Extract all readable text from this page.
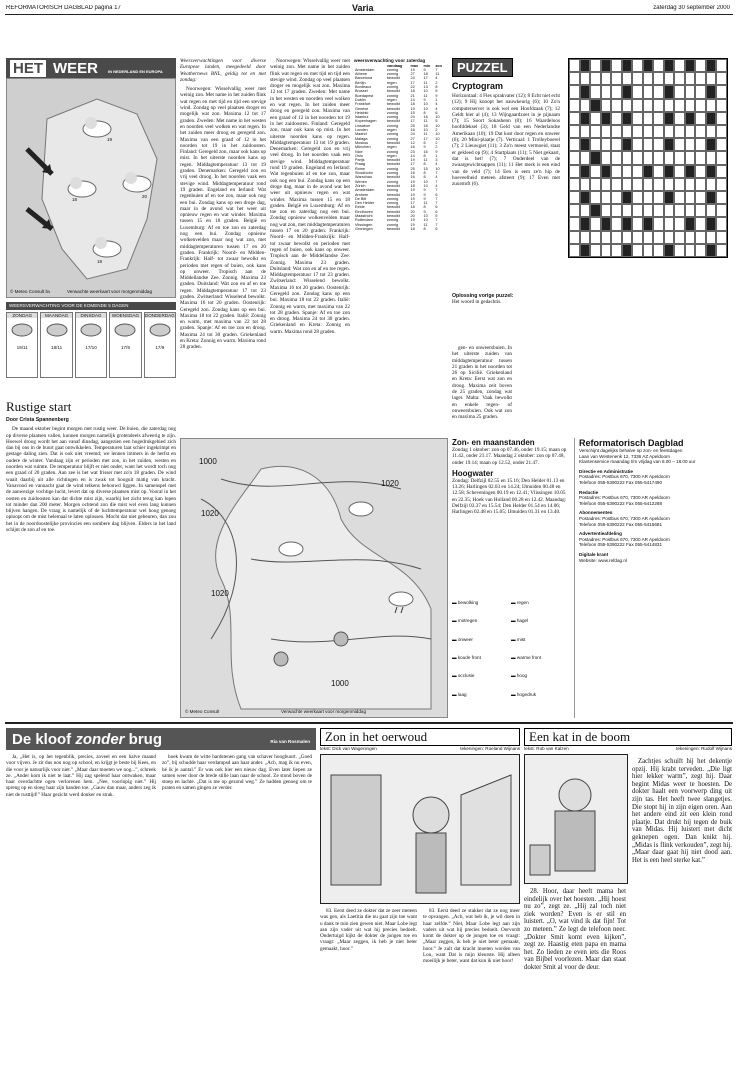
REFORMATORISCH DAGBLAD pagina 17	Varia	zaterdag 30 september 2000
HET WEER	IN NEDERLAND EN EUROPA
19
18
20
19
© Meteo Consult bv	Verwachte weerkaart voor morgenmiddag
WEERSVERWACHTING VOOR DE KOMENDE 5 DAGEN
ZONDAG
19/11
MAANDAG
18/11
DINSDAG
17/10
WOENSDAG
17/9
DONDERDAG
17/9
Rustige start
Door Crista Spannenberg

De maand oktober begint morgen met rustig weer. De buien, die zaterdag nog op diverse plaatsen vallen, kunnen morgen namelijk grotendeels afweerig te zijn. Hoewel droog wordt het aan vanaf dinsdag, aangezien een hogedrukgebied zich dan bij ons in de buurt gaat ontwikkelen. Temperaturen laat schier ingekrimpt en gestage daling zien. Dat is ook niet vreemd; we lennen immers in de herfst en oudere de winter. Vandaag zijn er perioden met zon, in het zuiden, westen en noorden wat ruimte. De temperatuur blijft er niet onder, want het wordt toch nog een graad of 20 graden. Aan zee is het wat frisser met zo'n 18 graden. De wind waait daarbij uit alle richtingen en is zwak tot hooguit matig van kracht. Vanavond en vannacht gaat de wind telkens behouwd liggen. In samenspel met de aanwezige vochtige lucht, levert dat op diverse plaatsen mist op. Vooral in het oosten en zuidoosten kan dat dichte mist zijn, waarbij het zicht terug kan lopen tot minder dan 200 meter. Morgen ochtend zon die mist wel even lang kunnen blijven hangen. De vraag is namelijk of de luchttemperatuur wel hoog genoeg oploopt om de mist helemaal te laten oplossen. Mocht dat niet gebeuren, dan zou het in de noordoostelijke provincies een sombere dag blijven. Elders in het land schijnt de zon af en toe.

Weersverwachtingen voor diverse Europese landen, meegedeeld door Weathernews BNL, geldig tot en met zondag:

Noorwegen: Wisselvallig weer met weinig zon. Met name in het zuiden flink wat regen en met tijd en tijd een stevige wind. Zondag op veel plaatsen droger en mogelijk wat zon. Maxima 12 tot 17 graden. Zweden: Met name in het westen en noorden veel wolken en wat regen. In het zuiden meer droog en geregeld zon. Maxima van een graad of 12 in het noorden tot 19 in het zuidoosten. Finland: Geregeld zon, maar ook kans op mist. In het uiterste noorden kans op regen. Middagtemperatuur 13 tot 19 graden. Denemarken: Geregeld zon en vrij veel droog. In het noorden vaak een stevige wind. Middagtemperatuur rond 19 graden. Engeland en Ierland: Wat regenbuien af en toe zon, maar ook nog een bui. Zondag kans op een droge dag, maar in de avond wat het weer uit opnieuw regen en wat winder. Maxima tussen 15 en 18 graden. België en Luxemburg: Af en toe zon en zaterdag nog een bui. Zondag opnieuw wolkenvelden maar nog wat zon, met middagtemperaturen tussen 17 en 20 graden. Frankrijk: Noord- en Midden-Frankrijk: Half- tot zwaar bewolkt en perioden met regen of buien, ook kans op onweer. Tropisch aan de Middellandse Zee. Zonnig. Maxima 23 graden. Duitsland: Wat zon en af en toe regen. Middagtemperatuur 17 tot 23 graden. Zwitserland: Wisselend bewolkt. Maxima 16 tot 20 graden. Oostenrijk: Geregeld zon. Zondag kans op een bui. Maxima 18 tot 22 graden. Italië: Zonnig en warm, met maxima van 22 tot 28 graden. Spanje: Af en toe zon en droog. Maxima 24 tot 30 graden. Griekenland en Kreta: Zonnig en warm. Maxima rond 28 graden.

Noorwegen: Wisselvallig weer met weinig zon. Met name in het zuiden flink wat regen en met tijd en tijd een stevige wind. Zondag op veel plaatsen droger en mogelijk wat zon. Maxima 12 tot 17 graden. Zweden: Met name in het westen en noorden veel wolken en wat regen. In het zuiden meer droog en geregeld zon. Maxima van een graad of 12 in het noorden tot 19 in het zuidoosten. Finland: Geregeld zon, maar ook kans op mist. In het uiterste noorden kans op regen. Middagtemperatuur 13 tot 19 graden. Denemarken: Geregeld zon en vrij veel droog. In het noorden vaak een stevige wind. Middagtemperatuur rond 19 graden. Engeland en Ierland: Wat regenbuien af en toe zon, maar ook nog een bui. Zondag kans op een droge dag, maar in de avond wat het weer uit opnieuw regen en wat winder. Maxima tussen 15 en 18 graden. België en Luxemburg: Af en toe zon en zaterdag nog een bui. Zondag opnieuw wolkenvelden maar nog wat zon, met middagtemperaturen tussen 17 en 20 graden. Frankrijk: Noord- en Midden-Frankrijk: Half- tot zwaar bewolkt en perioden met regen of buien, ook kans op onweer. Tropisch aan de Middellandse Zee. Zonnig. Maxima 23 graden. Duitsland: Wat zon en af en toe regen. Middagtemperatuur 17 tot 23 graden. Zwitserland: Wisselend bewolkt. Maxima 16 tot 20 graden. Oostenrijk: Geregeld zon. Zondag kans op een bui. Maxima 18 tot 22 graden. Italië: Zonnig en warm, met maxima van 22 tot 28 graden. Spanje: Af en toe zon en droog. Maxima 24 tot 30 graden. Griekenland en Kreta: Zonnig en warm. Maxima rond 28 graden.

weersverwachting voor zaterdag
	vandaag	max	min	zon
Amsterdam	zonnig	19	9	7
Athene	zonnig	27	18	11
Barcelona	bewolkt	24	17	4
Berlijn	regen	17	11	2
Bordeaux	zonnig	22	13	8
Brussel	bewolkt	18	10	5
Boedapest	zonnig	21	11	9
Dublin	regen	14	9	1
Frankfurt	bewolkt	18	10	4
Genève	bewolkt	19	10	4
Helsinki	zonnig	15	8	6
Istanbul	zonnig	24	16	10
Kopenhagen	bewolkt	17	11	5
Lissabon	zonnig	25	16	10
Londen	regen	16	10	2
Madrid	zonnig	24	11	10
Malaga	zonnig	27	17	10
Moskou	bewolkt	12	6	2
München	regen	16	9	2
Nice	zonnig	23	16	9
Oslo	regen	14	8	1
Parijs	bewolkt	19	11	3
Praag	bewolkt	17	8	4
Rome	zonnig	25	15	10
Stockholm	zonnig	16	8	7
Warschau	bewolkt	16	8	4
Wenen	zonnig	19	10	7
Zürich	bewolkt	18	10	4
Amsterdam	zonnig	19	9	7
Arnhem	bewolkt	19	9	6
De Bilt	zonnig	19	9	7
Den Helder	zonnig	17	11	7
Eelde	bewolkt	18	8	6
Eindhoven	bewolkt	20	9	6
Maastricht	bewolkt	20	10	5
Rotterdam	zonnig	19	10	7
Vlissingen	zonnig	19	11	7
Groningen	bewolkt	18	8	6

gen- en onweersbuien. In het uiterste zuiden van middagtemperatuur tussen 21 graden in het noorden tot 26 op Sicilië. Griekenland en Kreta: Eerst wat zon en droog. Maxima zeit boven de 25 graden, zondag wat lager. Malta: Vaak bewolkt en enkele regen- of onweersbuien. Ook wat zon en maxima 25 graden.

PUZZEL
Cryptogram

Horizontaal: 4 Fles sprakvater (12); 8 Echt niet echt (12); 9 Hij knoopt het nauwkeurig (6); 10 Zo'n computerserver is ook wel een Hoofdzaak (7); 12 Geldt hier al (4); 13 Wijngaardzoet in je pijnaam (7); 15 Soort Sokashenn (8); 16 Waardeloos hoofddeksel (3); 18 Geld van een Nederlandse Amerikaan (10); 19 Dat kost door regen en onweer (6); 20 Mini-plaatje (7). Verticaal: 1 Trolleyboerel (7); 2 Lieuwgiet (11); 3 Zo'n meest vermoeid, staat er gekleed op (9); 4 Startplaats (11); 5 Niet gekaart, dat is het! (7); 7 Onderdeel van de zwaargewichtsappen (11); 11 Het merk is een eind van de veld (7); 14 Een is eem ze'n hip de hoeveelheid meteen afsteert (9); 17 Even met zuurstoft (6).

Oplossing vorige puzzel:
Het woord in gedachtis.
Zon- en maanstanden
Zondag 1 oktober: zon op 07.46, onder 19.15; maan op 11.42, onder 21.17. Maandag 2 oktober: zon op 07.48, onder 19.14; maan op 12.52, onder 21.47.
Hoogwater
Zondag: Delfzijl 02.55 en 15.16; Den Helder 01.13 en 13.26; Harlingen 02.03 en 14.24; IJmuiden 00.48 en 12.58; Scheveningen 00.19 en 12.41; Vlissingen 10.05 en 22.35; Hoek van Holland 00.28 en 12.42. Maandag: Delfzijl 03.37 en 15.54; Den Helder 01.54 en 14.06; Harlingen 02.48 en 15.05; IJmuiden 01.31 en 13.40.
Reformatorisch Dagblad
Verschijnt dagelijks behalve op zon- en feestdagen
Laan van Westenenk 12, 7336 AZ Apeldoorn
Klantenservice maandag t/m vrijdag van 8.00 – 18.00 uur
Directie en Administratie
Postadres: Postbus 670, 7300 AR Apeldoorn
Telefoon 055-5390222 Fax 055-5417490
Redactie
Postadres: Postbus 670, 7300 AR Apeldoorn
Telefoon 055-5390222 Fax 055-5412288
Abonnementen
Postadres: Postbus 670, 7300 AR Apeldoorn
Telefoon 055-5390222 Fax 055-5415681
Advertentieafdeling
Postadres: Postbus 670, 7300 AR Apeldoorn
Telefoon 055-5390222 Fax 055-5414831
Digitale krant
Website: www.refdag.nl
1000
1020
1020
1020
1000
© Meteo Consult	Verwachte weerkaart voor morgenmiddag
▬ bewolking	▬ regen
▬ motregen	▬ hagel
▬ onweer	▬ mist
▬ koude front	▬ warme front
▬ occlusie	▬ hoog
▬ laag	▬ hogedruk
De kloof zonder brug	Ria van Rosmalen

Ja, „Het is, op het tegenblik, precies, zoveel en een halve maand voor vijven. Je zit dus nou nog op school, en krijgt je beste bij Kees, en die voor je natuurlijk voor niet.” „Maar daar moeten we nog...”, schreek ze. „Ander kom ik niet te laat.” Hij zag spelend haar ontwaken, maar haar overdachtte ogen verlorenen hem. „Nee, voorlopig niet.” Hij spreng op en sloeg haar zijn handen toe. „Gauw dan maar, anders zeg ik niet de rusttijd!” Haar gezicht werd donker en strak.

hoek kwam de witte hardstenen gang van schaver hoogbuurt. „Goed zo”, bij schudde haar verdampsd aan haar ander. „Ach, mag ik nu even, hé ik je aantal.” Er was ook hier een nieuw dag. Even later liepen ze samen weer door de brede stille laan naar de school. Ze stond boven de stoep en lachte. „Dat is me op gezond weg.” Ze hadden genoeg om te praten en samen gingen ze verder.

Zon in het oerwoud
tekst: Dick van Wageningen	tekeningen: Roeland Wijnans

83. Eerst deed ze dokter dat ze zeer meteen was gen, als Laetitia die nu gaat zijn toe want u dank te tuin zien gewen niet. Maar Lobe legt aan zijn vader uit wat hij precies bedoelt. Ondertuigd kijkt de dokter de jongen toe en vraagt: „Maar zeggen, ik heb je niet beter gemaakt, hoor.”

83. Eerst deed ze stakker dat ze nog meer te opvangen. „Ach, wat heb ik, je wil doen in haar zelfde.” Niet, Maar Lobe legt aan zijn vaders uit wat hij precies bedoelt. Oorvordt komt de dokter op de jongen toe en vraagt: „Maar zeggen, ik heb je niet beter gemaakt, hoor.” Je zult dat kracht moeten worden van Lou, want Dat is mijn kleurste. Hij alleen moeilijk je beter, want dat kun ik niet hoor!

Een kat in de boom
tekst: Rob van Kalzen	tekeningen: Rudolf Wijnans

28. Hoor, daar heeft mama het eindelijk over het hoesten. „Hij hoest nu zo”, zegt ze. „Hij zal toch niet ziek worden? Even is er stil en luistert. „O, wat vind ik dat fijn! Tot zo meteen.” Ze legt de telefoon neer. „Dokter Smit komt even kijken”, zegt ze. Haastig eten papa en mama het. Zo lieden ze even iets die Roos van Bijbel voorlezen. Maar dan staat dokter Smit al voor de deur.

Zachtjes schuift hij het dekentje opzij. Hij krabt terveden. „Die ligt hier lekker warm”, zegt hij. Daar begint Midas weer te hoesten. De dokter haalt een voorwerp ding uit zijn tas. Het heeft twee slangetjes. Die stopt hij in zijn eigen oren. Aan het andere eind zit een klein rond plaatje. Dat drukt hij tegen de buik van Midas. Hij luistert met dicht geknepen ogen. Dan knikt hij. „Midas is flink verkouden”, zegt hij. „Maar daar gaat hij niet dood aan. Het is een heel sterke kat.”
